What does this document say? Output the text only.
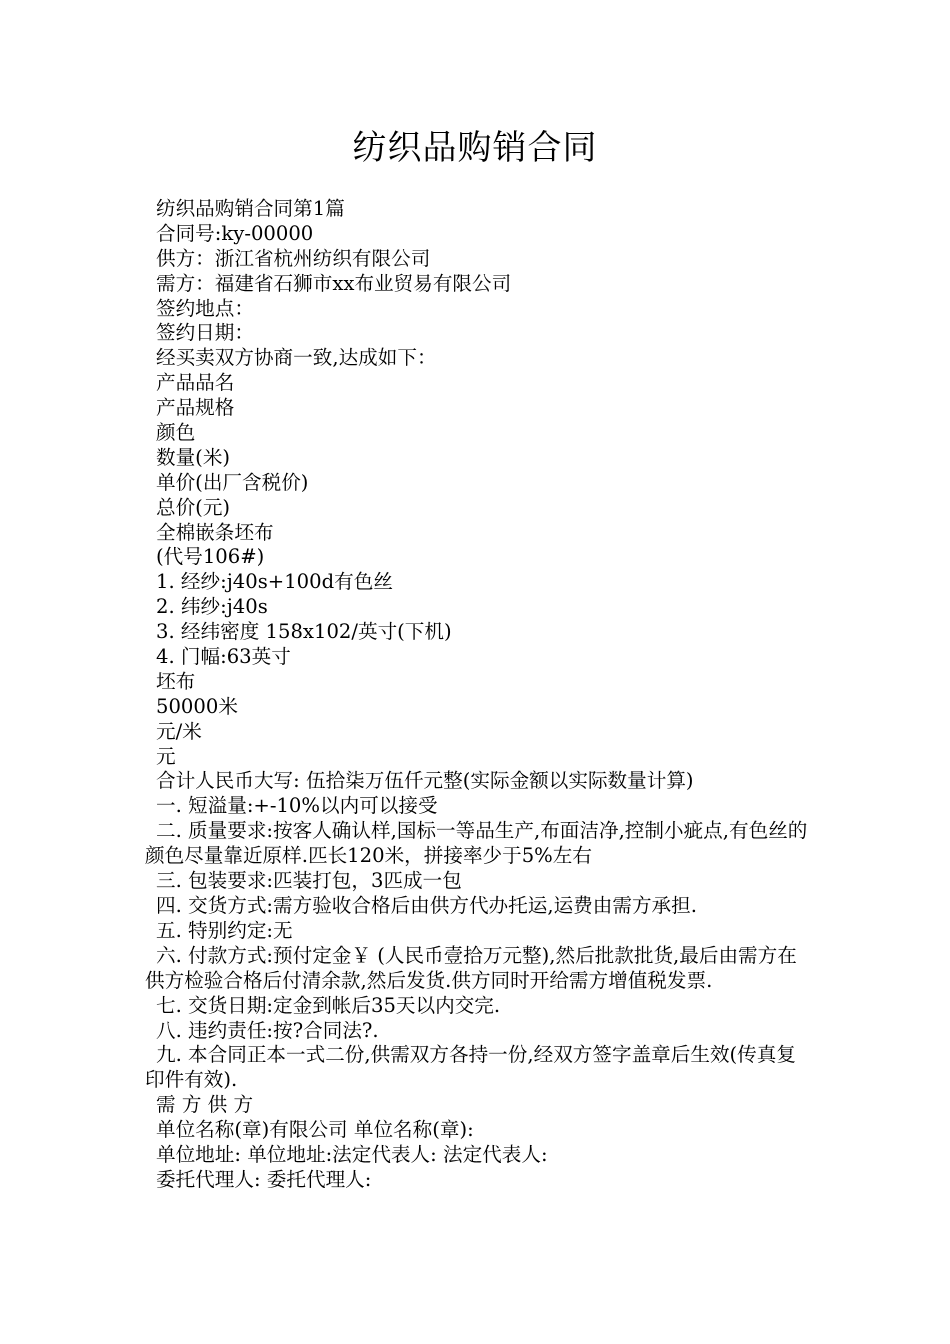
纺织品购销合同
纺织品购销合同第1篇
合同号:ky-00000
供方：浙江省杭州纺织有限公司
需方：福建省石狮市xx布业贸易有限公司
签约地点：
签约日期：
经买卖双方协商一致,达成如下：
产品品名
产品规格
颜色
数量(米)
单价(出厂含税价)
总价(元)
全棉嵌条坯布
(代号106#)
1. 经纱:j40s+100d有色丝
2. 纬纱:j40s
3. 经纬密度 158x102/英寸(下机)
4. 门幅:63英寸
坯布
50000米
元/米
元
合计人民币大写: 伍拾柒万伍仟元整(实际金额以实际数量计算)
一. 短溢量:+-10%以内可以接受
二. 质量要求:按客人确认样,国标一等品生产,布面洁净,控制小疵点,有色丝的颜色尽量靠近原样.匹长120米，拼接率少于5%左右
三. 包装要求:匹装打包，3匹成一包
四. 交货方式:需方验收合格后由供方代办托运,运费由需方承担.
五. 特别约定:无
六. 付款方式:预付定金￥ (人民币壹拾万元整),然后批款批货,最后由需方在供方检验合格后付清余款,然后发货.供方同时开给需方增值税发票.
七. 交货日期:定金到帐后35天以内交完.
八. 违约责任:按?合同法?.
九. 本合同正本一式二份,供需双方各持一份,经双方签字盖章后生效(传真复印件有效).
需 方 供 方
单位名称(章)有限公司 单位名称(章):
单位地址: 单位地址:法定代表人: 法定代表人:
委托代理人: 委托代理人:
